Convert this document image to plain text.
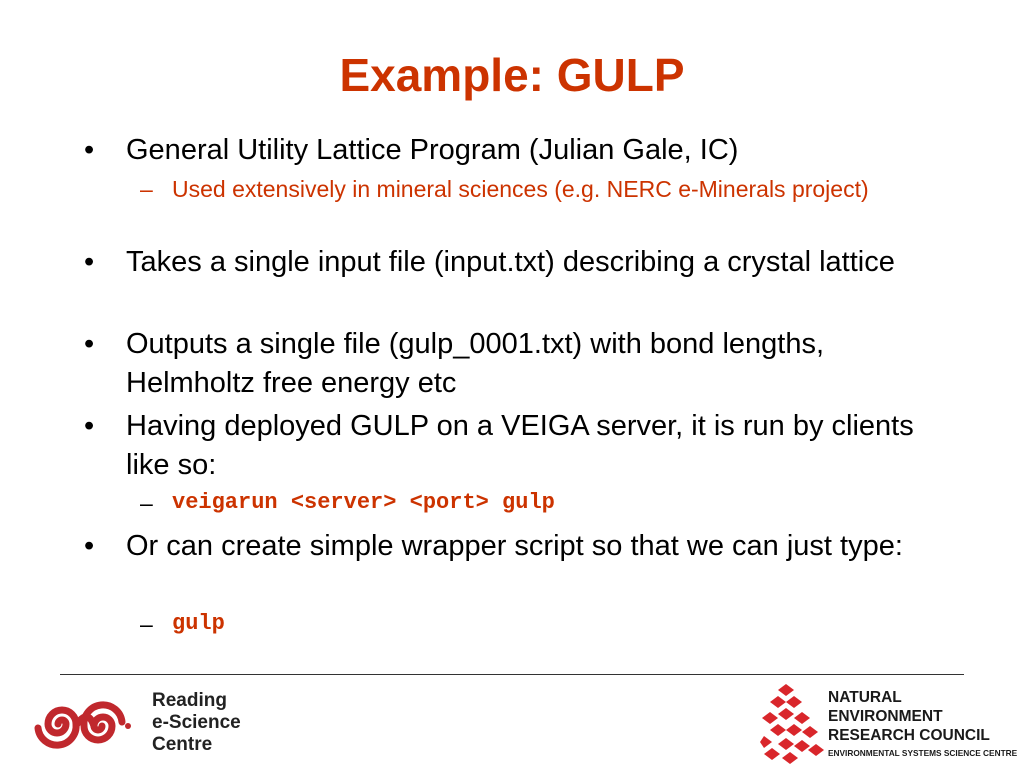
Example: GULP
• General Utility Lattice Program (Julian Gale, IC)
– Used extensively in mineral sciences (e.g. NERC e-Minerals project)
• Takes a single input file (input.txt) describing a crystal lattice
• Outputs a single file (gulp_0001.txt) with bond lengths, Helmholtz free energy etc
• Having deployed GULP on a VEIGA server, it is run by clients like so:
– veigarun <server> <port> gulp
• Or can create simple wrapper script so that we can just type:
– gulp
Reading
e-Science
Centre
NATURAL
ENVIRONMENT
RESEARCH COUNCIL
ENVIRONMENTAL SYSTEMS SCIENCE CENTRE
